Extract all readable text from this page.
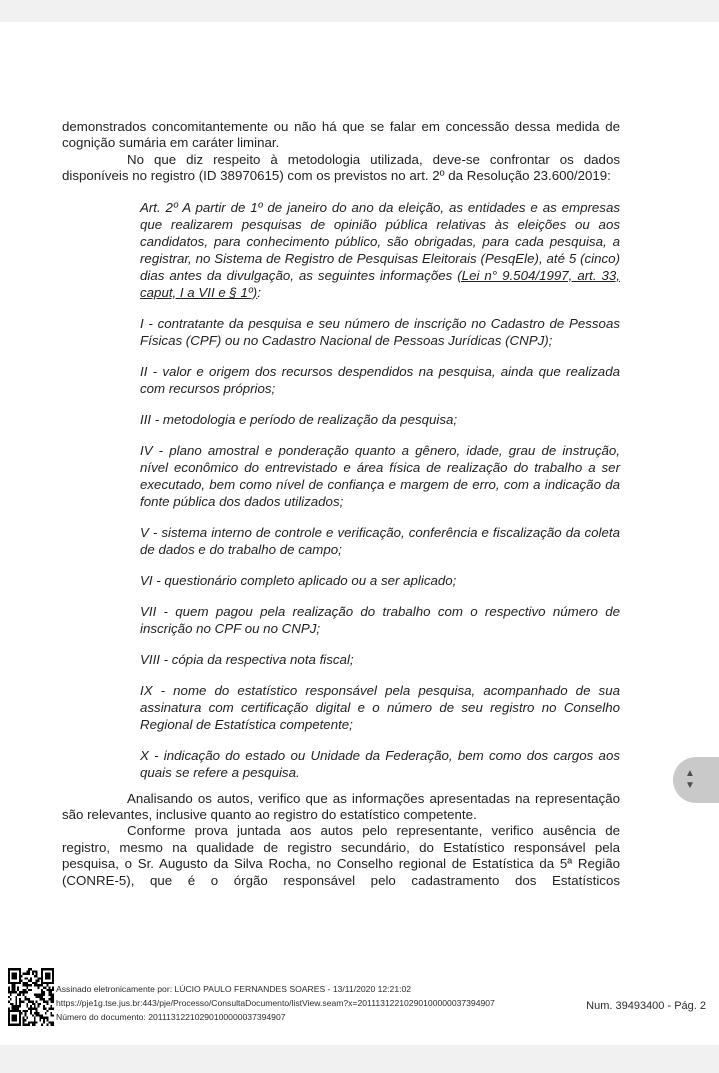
demonstrados concomitantemente ou não há que se falar em concessão dessa medida de cognição sumária em caráter liminar.

No que diz respeito à metodologia utilizada, deve-se confrontar os dados disponíveis no registro (ID 38970615) com os previstos no art. 2º da Resolução 23.600/2019:

Art. 2º A partir de 1º de janeiro do ano da eleição, as entidades e as empresas que realizarem pesquisas de opinião pública relativas às eleições ou aos candidatos, para conhecimento público, são obrigadas, para cada pesquisa, a registrar, no Sistema de Registro de Pesquisas Eleitorais (PesqEle), até 5 (cinco) dias antes da divulgação, as seguintes informações (Lei n° 9.504/1997, art. 33, caput, I a VII e § 1º):

I - contratante da pesquisa e seu número de inscrição no Cadastro de Pessoas Físicas (CPF) ou no Cadastro Nacional de Pessoas Jurídicas (CNPJ);

II - valor e origem dos recursos despendidos na pesquisa, ainda que realizada com recursos próprios;

III - metodologia e período de realização da pesquisa;

IV - plano amostral e ponderação quanto a gênero, idade, grau de instrução, nível econômico do entrevistado e área física de realização do trabalho a ser executado, bem como nível de confiança e margem de erro, com a indicação da fonte pública dos dados utilizados;

V - sistema interno de controle e verificação, conferência e fiscalização da coleta de dados e do trabalho de campo;

VI - questionário completo aplicado ou a ser aplicado;

VII - quem pagou pela realização do trabalho com o respectivo número de inscrição no CPF ou no CNPJ;

VIII - cópia da respectiva nota fiscal;

IX - nome do estatístico responsável pela pesquisa, acompanhado de sua assinatura com certificação digital e o número de seu registro no Conselho Regional de Estatística competente;

X - indicação do estado ou Unidade da Federação, bem como dos cargos aos quais se refere a pesquisa.

Analisando os autos, verifico que as informações apresentadas na representação são relevantes, inclusive quanto ao registro do estatístico competente.

Conforme prova juntada aos autos pelo representante, verifico ausência de registro, mesmo na qualidade de registro secundário, do Estatístico responsável pela pesquisa, o Sr. Augusto da Silva Rocha, no Conselho regional de Estatística da 5ª Região (CONRE-5), que é o órgão responsável pelo cadastramento dos Estatísticos

Assinado eletronicamente por: LÚCIO PAULO FERNANDES SOARES - 13/11/2020 12:21:02
https://pje1g.tse.jus.br:443/pje/Processo/ConsultaDocumento/listView.seam?x=20111312210290100000037394907
Número do documento: 20111312210290100000037394907
Num. 39493400 - Pág. 2
▲
▼
